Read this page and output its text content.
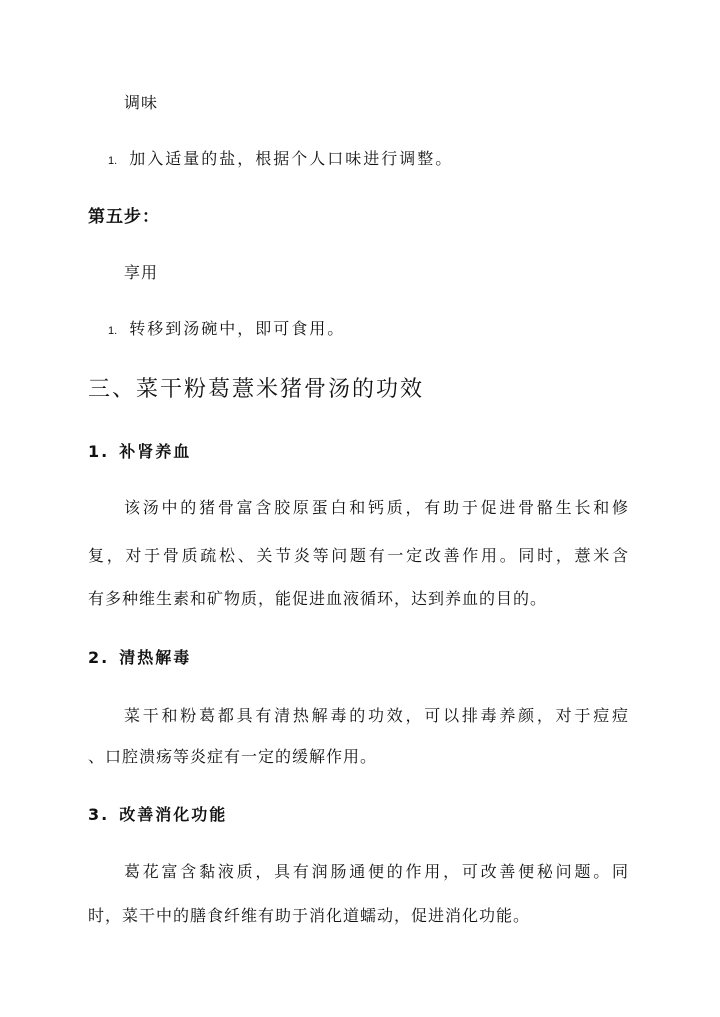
调味
1. 加入适量的盐，根据个人口味进行调整。
第五步：
享用
1. 转移到汤碗中，即可食用。
三、菜干粉葛薏米猪骨汤的功效
1. 补肾养血
该汤中的猪骨富含胶原蛋白和钙质，有助于促进骨骼生长和修
复，对于骨质疏松、关节炎等问题有一定改善作用。同时，薏米含
有多种维生素和矿物质，能促进血液循环，达到养血的目的。
2. 清热解毒
菜干和粉葛都具有清热解毒的功效，可以排毒养颜，对于痘痘
、口腔溃疡等炎症有一定的缓解作用。
3. 改善消化功能
葛花富含黏液质，具有润肠通便的作用，可改善便秘问题。同
时，菜干中的膳食纤维有助于消化道蠕动，促进消化功能。
